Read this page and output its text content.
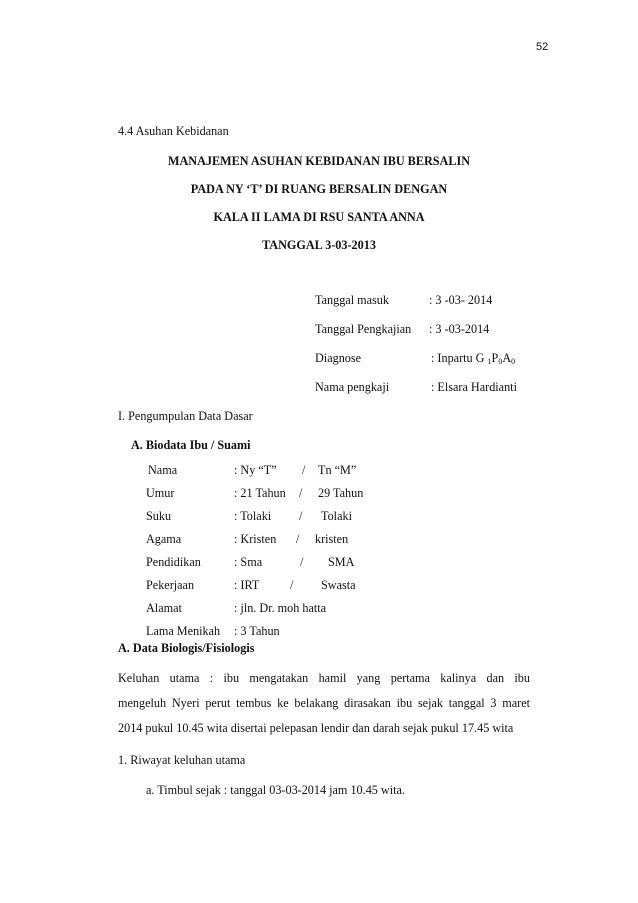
52
4.4 Asuhan Kebidanan
MANAJEMEN ASUHAN KEBIDANAN IBU BERSALIN
PADA NY ‘T’ DI RUANG BERSALIN DENGAN
KALA II LAMA DI RSU SANTA ANNA
TANGGAL 3-03-2013
Tanggal masuk	: 3 -03- 2014
Tanggal Pengkajian : 3 -03-2014
Diagnose	: Inpartu G $_1P_0A_0$
Nama pengkaji	: Elsara Hardianti
I. Pengumpulan Data Dasar
A. Biodata Ibu / Suami
Nama	: Ny “T” / Tn “M”
Umur	: 21 Tahun / 29 Tahun
Suku	: Tolaki / Tolaki
Agama	: Kristen / kristen
Pendidikan	: Sma	/ SMA
Pekerjaan	: IRT	/ Swasta
Alamat	: jln. Dr. moh hatta
Lama Menikah : 3 Tahun
A. Data Biologis/Fisiologis
Keluhan utama : ibu mengatakan hamil yang pertama kalinya dan ibu
mengeluh Nyeri perut tembus ke belakang dirasakan ibu sejak tanggal 3 maret
2014 pukul 10.45 wita disertai pelepasan lendir dan darah sejak pukul 17.45 wita
1. Riwayat keluhan utama
a. Timbul sejak : tanggal 03-03-2014 jam 10.45 wita.
